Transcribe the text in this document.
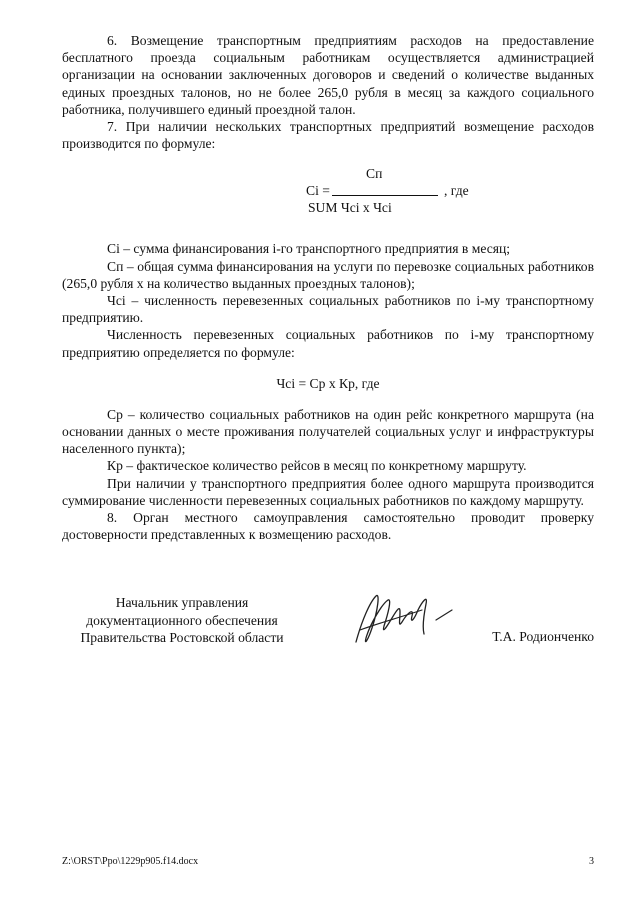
6. Возмещение транспортным предприятиям расходов на предоставление бесплатного проезда социальным работникам осуществляется администрацией организации на основании заключенных договоров и сведений о количестве выданных единых проездных талонов, но не более 265,0 рубля в месяц за каждого социального работника, получившего единый проездной талон.

7. При наличии нескольких транспортных предприятий возмещение расходов производится по формуле:

Сп
Сi =	, где
SUM Чсi х Чсi

Сi – сумма финансирования i-го транспортного предприятия в месяц;

Сп – общая сумма финансирования на услуги по перевозке социальных работников (265,0 рубля х на количество выданных проездных талонов);

Чсi – численность перевезенных социальных работников по i-му транспортному предприятию.

Численность перевезенных социальных работников по i-му транспортному предприятию определяется по формуле:

Чсi = Ср х Кр, где

Ср – количество социальных работников на один рейс конкретного маршрута (на основании данных о месте проживания получателей социальных услуг и инфраструктуры населенного пункта);

Кр – фактическое количество рейсов в месяц по конкретному маршруту.

При наличии у транспортного предприятия более одного маршрута производится суммирование численности перевезенных социальных работников по каждому маршруту.

8. Орган местного самоуправления самостоятельно проводит проверку достоверности представленных к возмещению расходов.

Начальник управления
документационного обеспечения
Правительства Ростовской области	Т.А. Родионченко
Z:\ORST\Ppo\1229p905.f14.docx	3
